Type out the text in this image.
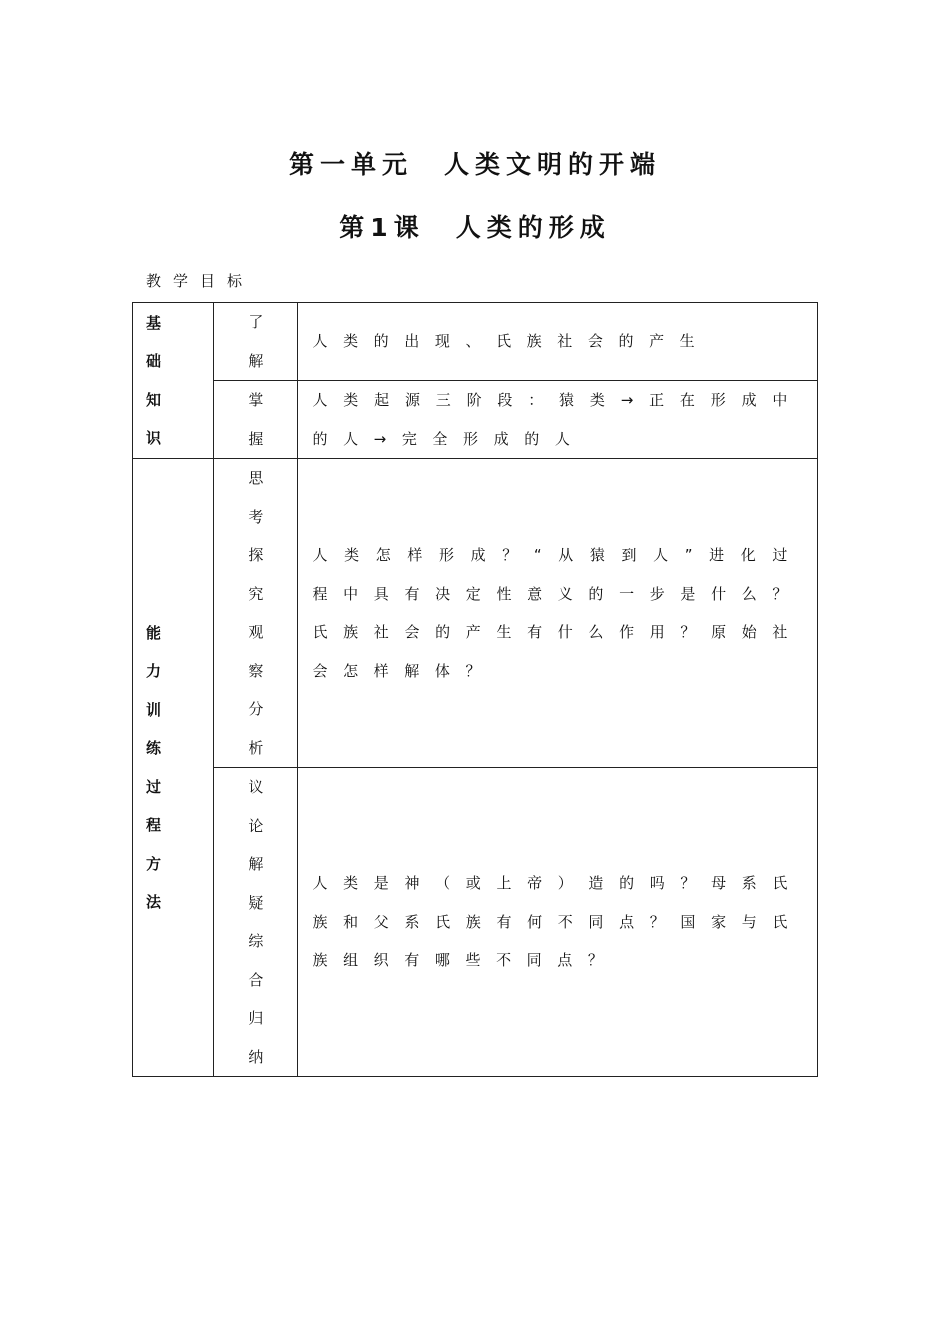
第一单元　人类文明的开端
第1课　人类的形成

教学目标

基础知识	了解	人类的出现、氏族社会的产生
	掌握	人类起源三阶段：猿类→正在形成中的人→完全形成的人
能力训练过程方法	思考探究观察分析	人类怎样形成？“从猿到人”进化过程中具有决定性意义的一步是什么？氏族社会的产生有什么作用？原始社会怎样解体？
	议论解疑综合归纳	人类是神（或上帝）造的吗？母系氏族和父系氏族有何不同点？国家与氏族组织有哪些不同点？
